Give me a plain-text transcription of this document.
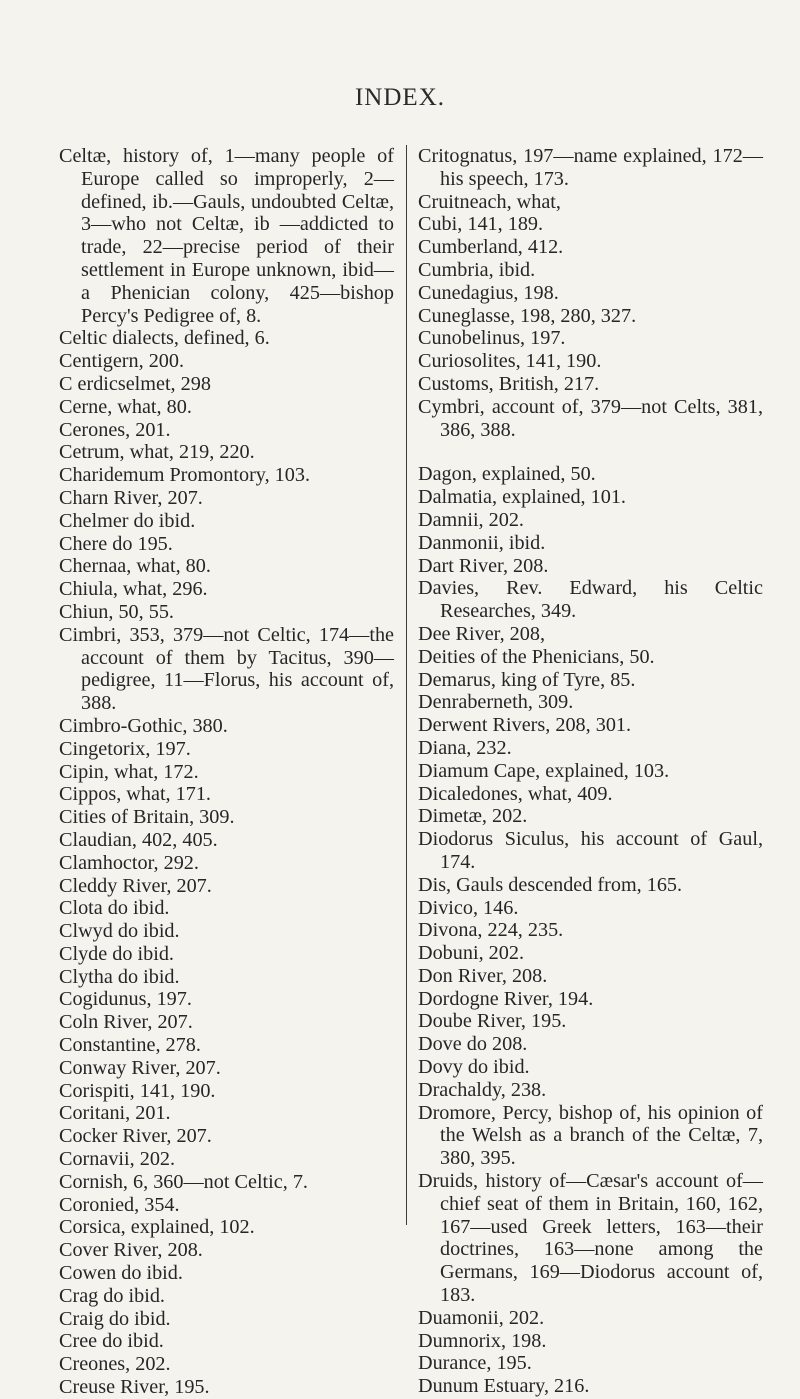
INDEX.

Celtæ, history of, 1—many people of Europe called so improperly, 2—defined, ib.—Gauls, undoubted Celtæ, 3—who not Celtæ, ib —addicted to trade, 22—precise period of their settlement in Europe unknown, ibid—a Phenician colony, 425—bishop Percy's Pedigree of, 8.

Celtic dialects, defined, 6.

Centigern, 200.

C erdicselmet, 298

Cerne, what, 80.

Cerones, 201.

Cetrum, what, 219, 220.

Charidemum Promontory, 103.

Charn River, 207.

Chelmer do ibid.

Chere do 195.

Chernaa, what, 80.

Chiula, what, 296.

Chiun, 50, 55.

Cimbri, 353, 379—not Celtic, 174—the account of them by Tacitus, 390—pedigree, 11—Florus, his account of, 388.

Cimbro-Gothic, 380.

Cingetorix, 197.

Cipin, what, 172.

Cippos, what, 171.

Cities of Britain, 309.

Claudian, 402, 405.

Clamhoctor, 292.

Cleddy River, 207.

Clota do ibid.

Clwyd do ibid.

Clyde do ibid.

Clytha do ibid.

Cogidunus, 197.

Coln River, 207.

Constantine, 278.

Conway River, 207.

Corispiti, 141, 190.

Coritani, 201.

Cocker River, 207.

Cornavii, 202.

Cornish, 6, 360—not Celtic, 7.

Coronied, 354.

Corsica, explained, 102.

Cover River, 208.

Cowen do ibid.

Crag do ibid.

Craig do ibid.

Cree do ibid.

Creones, 202.

Creuse River, 195.

Critognatus, 197—name explained, 172—his speech, 173.

Cruitneach, what,

Cubi, 141, 189.

Cumberland, 412.

Cumbria, ibid.

Cunedagius, 198.

Cuneglasse, 198, 280, 327.

Cunobelinus, 197.

Curiosolites, 141, 190.

Customs, British, 217.

Cymbri, account of, 379—not Celts, 381, 386, 388.

Dagon, explained, 50.

Dalmatia, explained, 101.

Damnii, 202.

Danmonii, ibid.

Dart River, 208.

Davies, Rev. Edward, his Celtic Researches, 349.

Dee River, 208,

Deities of the Phenicians, 50.

Demarus, king of Tyre, 85.

Denraberneth, 309.

Derwent Rivers, 208, 301.

Diana, 232.

Diamum Cape, explained, 103.

Dicaledones, what, 409.

Dimetæ, 202.

Diodorus Siculus, his account of Gaul, 174.

Dis, Gauls descended from, 165.

Divico, 146.

Divona, 224, 235.

Dobuni, 202.

Don River, 208.

Dordogne River, 194.

Doube River, 195.

Dove do 208.

Dovy do ibid.

Drachaldy, 238.

Dromore, Percy, bishop of, his opinion of the Welsh as a branch of the Celtæ, 7, 380, 395.

Druids, history of—Cæsar's account of—chief seat of them in Britain, 160, 162, 167—used Greek letters, 163—their doctrines, 163—none among the Germans, 169—Diodorus account of, 183.

Duamonii, 202.

Dumnorix, 198.

Durance, 195.

Dunum Estuary, 216.
